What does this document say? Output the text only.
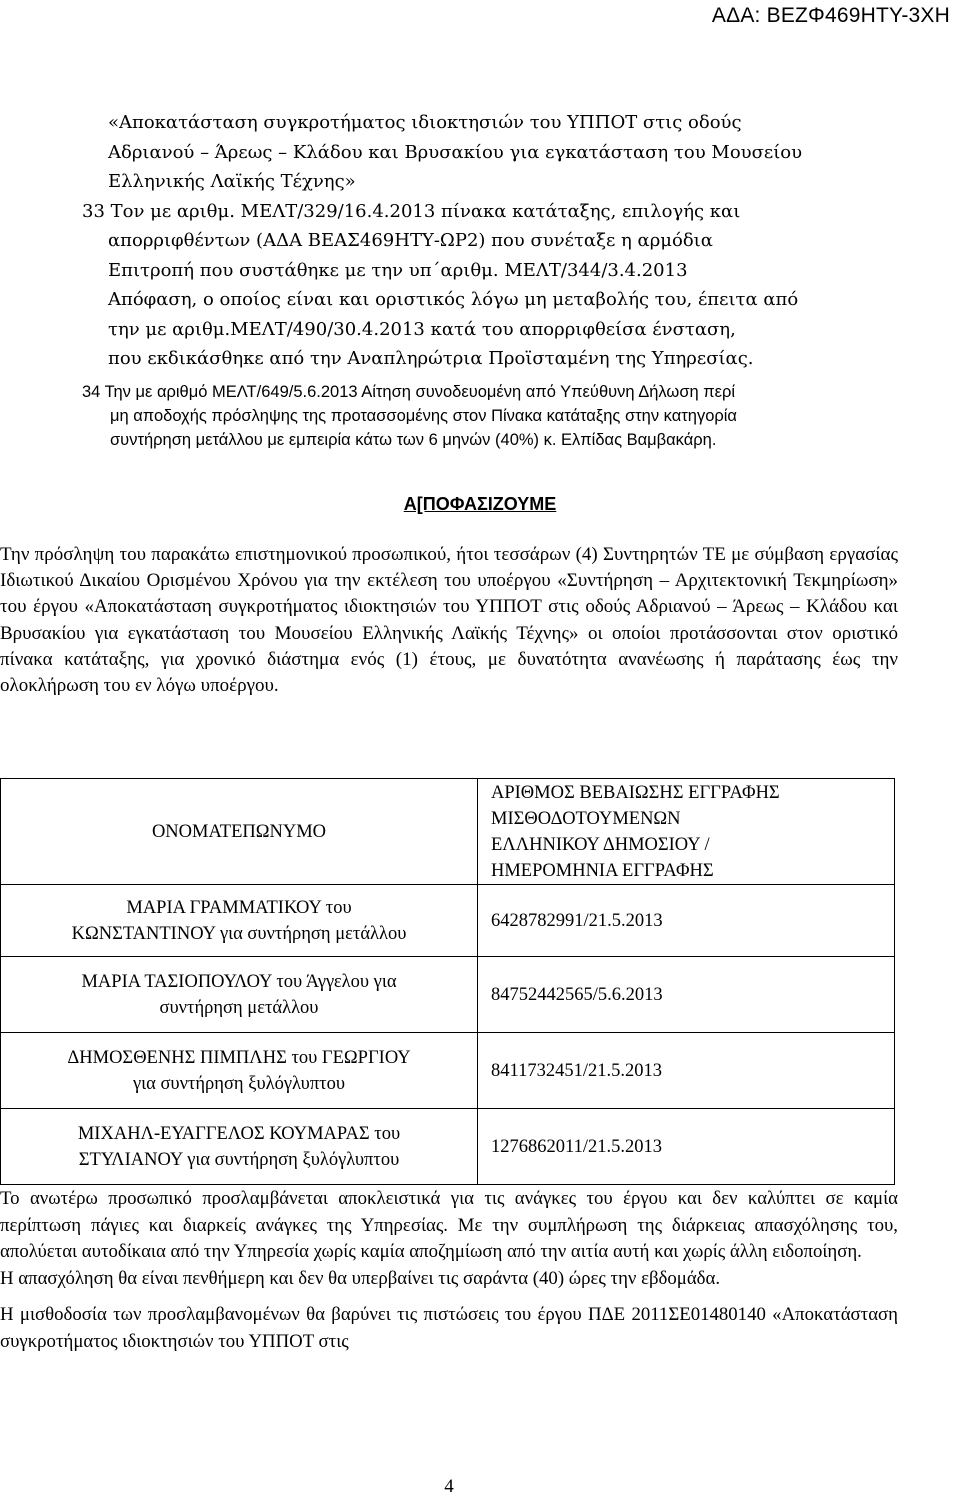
ΑΔΑ: ΒΕΖΦ469ΗΤΥ-3ΧΗ
«Αποκατάσταση συγκροτήματος ιδιοκτησιών του ΥΠΠΟΤ στις οδούς
Αδριανού – Άρεως – Κλάδου και Βρυσακίου για εγκατάσταση του Μουσείου
Ελληνικής Λαϊκής Τέχνης»
33 Τον με αριθμ. ΜΕΛΤ/329/16.4.2013 πίνακα κατάταξης, επιλογής και
απορριφθέντων (ΑΔΑ ΒΕΑΣ469ΗΤΥ-ΩΡ2) που συνέταξε η αρμόδια
Επιτροπή που συστάθηκε με την υπ΄αριθμ. ΜΕΛΤ/344/3.4.2013
Απόφαση, ο οποίος είναι και οριστικός λόγω μη μεταβολής του, έπειτα από
την με αριθμ.ΜΕΛΤ/490/30.4.2013 κατά του απορριφθείσα ένσταση,
που εκδικάσθηκε από την Αναπληρώτρια Προϊσταμένη της Υπηρεσίας.
34 Την με αριθμό ΜΕΛΤ/649/5.6.2013 Αίτηση συνοδευομένη από Υπεύθυνη Δήλωση περί
μη αποδοχής πρόσληψης της προτασσομένης στον Πίνακα κατάταξης στην κατηγορία
συντήρηση μετάλλου με εμπειρία κάτω των 6 μηνών (40%) κ. Ελπίδας Βαμβακάρη.
Α[ΠΟΦΑΣΙΖΟΥΜΕ

Την πρόσληψη του παρακάτω επιστημονικού προσωπικού, ήτοι τεσσάρων (4) Συντηρητών ΤΕ με σύμβαση εργασίας Ιδιωτικού Δικαίου Ορισμένου Χρόνου για την εκτέλεση του υποέργου «Συντήρηση – Αρχιτεκτονική Τεκμηρίωση» του έργου «Αποκατάσταση συγκροτήματος ιδιοκτησιών του ΥΠΠΟΤ στις οδούς Αδριανού – Άρεως – Κλάδου και Βρυσακίου για εγκατάσταση του Μουσείου Ελληνικής Λαϊκής Τέχνης» οι οποίοι προτάσσονται στον οριστικό πίνακα κατάταξης, για χρονικό διάστημα ενός (1) έτους, με δυνατότητα ανανέωσης ή παράτασης έως την ολοκλήρωση του εν λόγω υποέργου.

ΟΝΟΜΑΤΕΠΩΝΥΜΟ	ΑΡΙΘΜΟΣ ΒΕΒΑΙΩΣΗΣ ΕΓΓΡΑΦΗΣ
ΜΙΣΘΟΔΟΤΟΥΜΕΝΩΝ
ΕΛΛΗΝΙΚΟΥ ΔΗΜΟΣΙΟΥ /
ΗΜΕΡΟΜΗΝΙΑ ΕΓΓΡΑΦΗΣ

ΜΑΡΙΑ ΓΡΑΜΜΑΤΙΚΟΥ του
ΚΩΝΣΤΑΝΤΙΝΟΥ για συντήρηση μετάλλου	6428782991/21.5.2013

ΜΑΡΙΑ ΤΑΣΙΟΠΟΥΛΟΥ του Άγγελου για
συντήρηση μετάλλου	84752442565/5.6.2013

ΔΗΜΟΣΘΕΝΗΣ ΠΙΜΠΛΗΣ του ΓΕΩΡΓΙΟΥ
για συντήρηση ξυλόγλυπτου	8411732451/21.5.2013

ΜΙΧΑΗΛ-ΕΥΑΓΓΕΛΟΣ ΚΟΥΜΑΡΑΣ του
ΣΤΥΛΙΑΝΟΥ για συντήρηση ξυλόγλυπτου	1276862011/21.5.2013

Το ανωτέρω προσωπικό προσλαμβάνεται αποκλειστικά για τις ανάγκες του έργου και δεν καλύπτει σε καμία περίπτωση πάγιες και διαρκείς ανάγκες της Υπηρεσίας. Με την συμπλήρωση της διάρκειας απασχόλησης του, απολύεται αυτοδίκαια από την Υπηρεσία χωρίς καμία αποζημίωση από την αιτία αυτή και χωρίς άλλη ειδοποίηση.

Η απασχόληση θα είναι πενθήμερη και δεν θα υπερβαίνει τις σαράντα (40) ώρες την εβδομάδα.

Η μισθοδοσία των προσλαμβανομένων θα βαρύνει τις πιστώσεις του έργου ΠΔΕ 2011ΣΕ01480140 «Αποκατάσταση συγκροτήματος ιδιοκτησιών του ΥΠΠΟΤ στις

4
